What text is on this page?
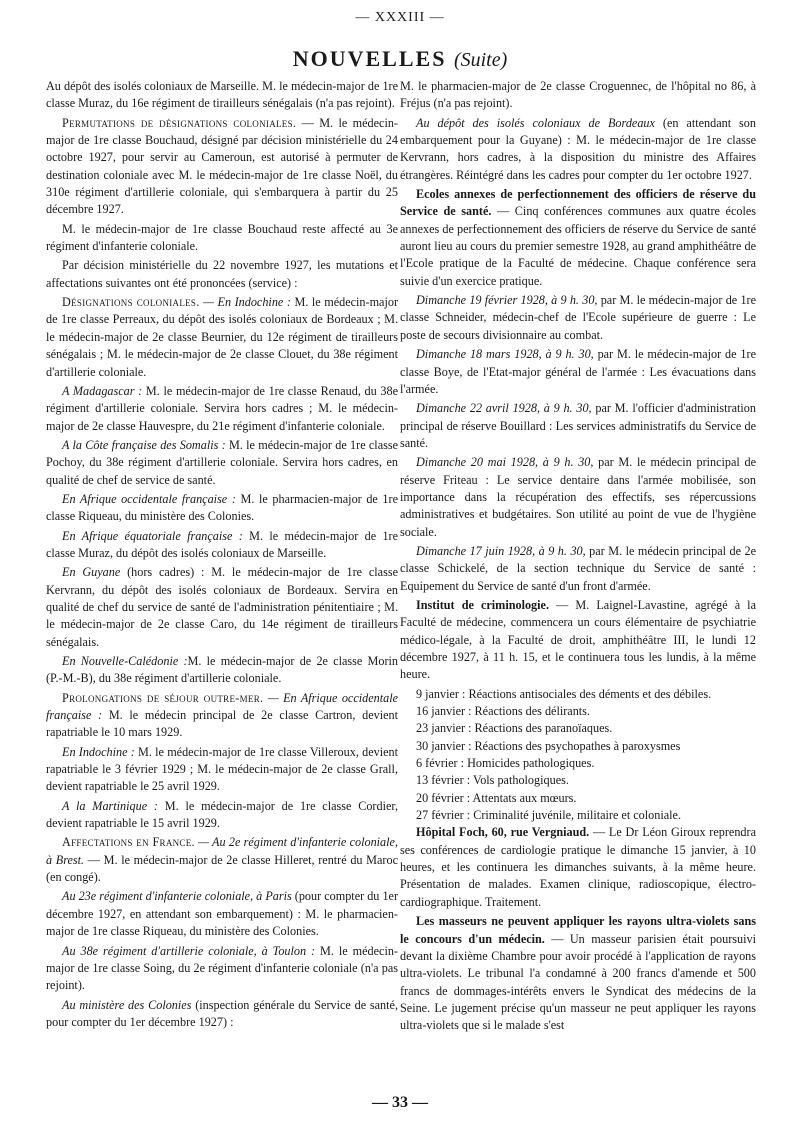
— XXXIII —
NOUVELLES (Suite)

Au dépôt des isolés coloniaux de Marseille. M. le médecin-major de 1re classe Muraz, du 16e régiment de tirailleurs sénégalais (n'a pas rejoint).

Permutations de désignations coloniales. — M. le médecin-major de 1re classe Bouchaud, désigné par décision ministérielle du 24 octobre 1927, pour servir au Cameroun, est autorisé à permuter de destination coloniale avec M. le médecin-major de 1re classe Noël, du 310e régiment d'artillerie coloniale, qui s'embarquera à partir du 25 décembre 1927.

M. le médecin-major de 1re classe Bouchaud reste affecté au 3e régiment d'infanterie coloniale.

Par décision ministérielle du 22 novembre 1927, les mutations et affectations suivantes ont été prononcées (service) :

Désignations coloniales. — En Indochine : M. le médecin-major de 1re classe Perreaux, du dépôt des isolés coloniaux de Bordeaux ; M. le médecin-major de 2e classe Beurnier, du 12e régiment de tirailleurs sénégalais ; M. le médecin-major de 2e classe Clouet, du 38e régiment d'artillerie coloniale.

A Madagascar : M. le médecin-major de 1re classe Renaud, du 38e régiment d'artillerie coloniale. Servira hors cadres ; M. le médecin-major de 2e classe Hauvespre, du 21e régiment d'infanterie coloniale.

A la Côte française des Somalis : M. le médecin-major de 1re classe Pochoy, du 38e régiment d'artillerie coloniale. Servira hors cadres, en qualité de chef de service de santé.

En Afrique occidentale française : M. le pharmacien-major de 1re classe Riqueau, du ministère des Colonies.

En Afrique équatoriale française : M. le médecin-major de 1re classe Muraz, du dépôt des isolés coloniaux de Marseille.

En Guyane (hors cadres) : M. le médecin-major de 1re classe Kervrann, du dépôt des isolés coloniaux de Bordeaux. Servira en qualité de chef du service de santé de l'administration pénitentiaire ; M. le médecin-major de 2e classe Caro, du 14e régiment de tirailleurs sénégalais.

En Nouvelle-Calédonie :M. le médecin-major de 2e classe Morin (P.-M.-B), du 38e régiment d'artillerie coloniale.

Prolongations de séjour outre-mer. — En Afrique occidentale française : M. le médecin principal de 2e classe Cartron, devient rapatriable le 10 mars 1929.

En Indochine : M. le médecin-major de 1re classe Villeroux, devient rapatriable le 3 février 1929 ; M. le médecin-major de 2e classe Grall, devient rapatriable le 25 avril 1929.

A la Martinique : M. le médecin-major de 1re classe Cordier, devient rapatriable le 15 avril 1929.

Affectations en France. — Au 2e régiment d'infanterie coloniale, à Brest. — M. le médecin-major de 2e classe Hilleret, rentré du Maroc (en congé).

Au 23e régiment d'infanterie coloniale, à Paris (pour compter du 1er décembre 1927, en attendant son embarquement) : M. le pharmacien-major de 1re classe Riqueau, du ministère des Colonies.

Au 38e régiment d'artillerie coloniale, à Toulon : M. le médecin-major de 1re classe Soing, du 2e régiment d'infanterie coloniale (n'a pas rejoint).

Au ministère des Colonies (inspection générale du Service de santé, pour compter du 1er décembre 1927) :

M. le pharmacien-major de 2e classe Croguennec, de l'hôpital no 86, à Fréjus (n'a pas rejoint).

Au dépôt des isolés coloniaux de Bordeaux (en attendant son embarquement pour la Guyane) : M. le médecin-major de 1re classe Kervrann, hors cadres, à la disposition du ministre des Affaires étrangères. Réintégré dans les cadres pour compter du 1er octobre 1927.

Ecoles annexes de perfectionnement des officiers de réserve du Service de santé. — Cinq conférences communes aux quatre écoles annexes de perfectionnement des officiers de réserve du Service de santé auront lieu au cours du premier semestre 1928, au grand amphithéâtre de l'Ecole pratique de la Faculté de médecine. Chaque conférence sera suivie d'un exercice pratique.

Dimanche 19 février 1928, à 9 h. 30, par M. le médecin-major de 1re classe Schneider, médecin-chef de l'Ecole supérieure de guerre : Le poste de secours divisionnaire au combat.

Dimanche 18 mars 1928, à 9 h. 30, par M. le médecin-major de 1re classe Boye, de l'Etat-major général de l'armée : Les évacuations dans l'armée.

Dimanche 22 avril 1928, à 9 h. 30, par M. l'officier d'administration principal de réserve Bouillard : Les services administratifs du Service de santé.

Dimanche 20 mai 1928, à 9 h. 30, par M. le médecin principal de réserve Friteau : Le service dentaire dans l'armée mobilisée, son importance dans la récupération des effectifs, ses répercussions administratives et budgétaires. Son utilité au point de vue de l'hygiène sociale.

Dimanche 17 juin 1928, à 9 h. 30, par M. le médecin principal de 2e classe Schickelé, de la section technique du Service de santé : Equipement du Service de santé d'un front d'armée.

Institut de criminologie. — M. Laignel-Lavastine, agrégé à la Faculté de médecine, commencera un cours élémentaire de psychiatrie médico-légale, à la Faculté de droit, amphithéâtre III, le lundi 12 décembre 1927, à 11 h. 15, et le continuera tous les lundis, à la même heure.

9 janvier : Réactions antisociales des déments et des débiles.

16 janvier : Réactions des délirants.

23 janvier : Réactions des paranoïaques.

30 janvier : Réactions des psychopathes à paroxysmes

6 février : Homicides pathologiques.

13 février : Vols pathologiques.

20 février : Attentats aux mœurs.

27 février : Criminalité juvénile, militaire et coloniale.

Hôpital Foch, 60, rue Vergniaud. — Le Dr Léon Giroux reprendra ses conférences de cardiologie pratique le dimanche 15 janvier, à 10 heures, et les continuera les dimanches suivants, à la même heure. Présentation de malades. Examen clinique, radioscopique, électro-cardiographique. Traitement.

Les masseurs ne peuvent appliquer les rayons ultra-violets sans le concours d'un médecin. — Un masseur parisien était poursuivi devant la dixième Chambre pour avoir procédé à l'application de rayons ultra-violets. Le tribunal l'a condamné à 200 francs d'amende et 500 francs de dommages-intérêts envers le Syndicat des médecins de la Seine. Le jugement précise qu'un masseur ne peut appliquer les rayons ultra-violets que si le malade s'est

— 33 —
